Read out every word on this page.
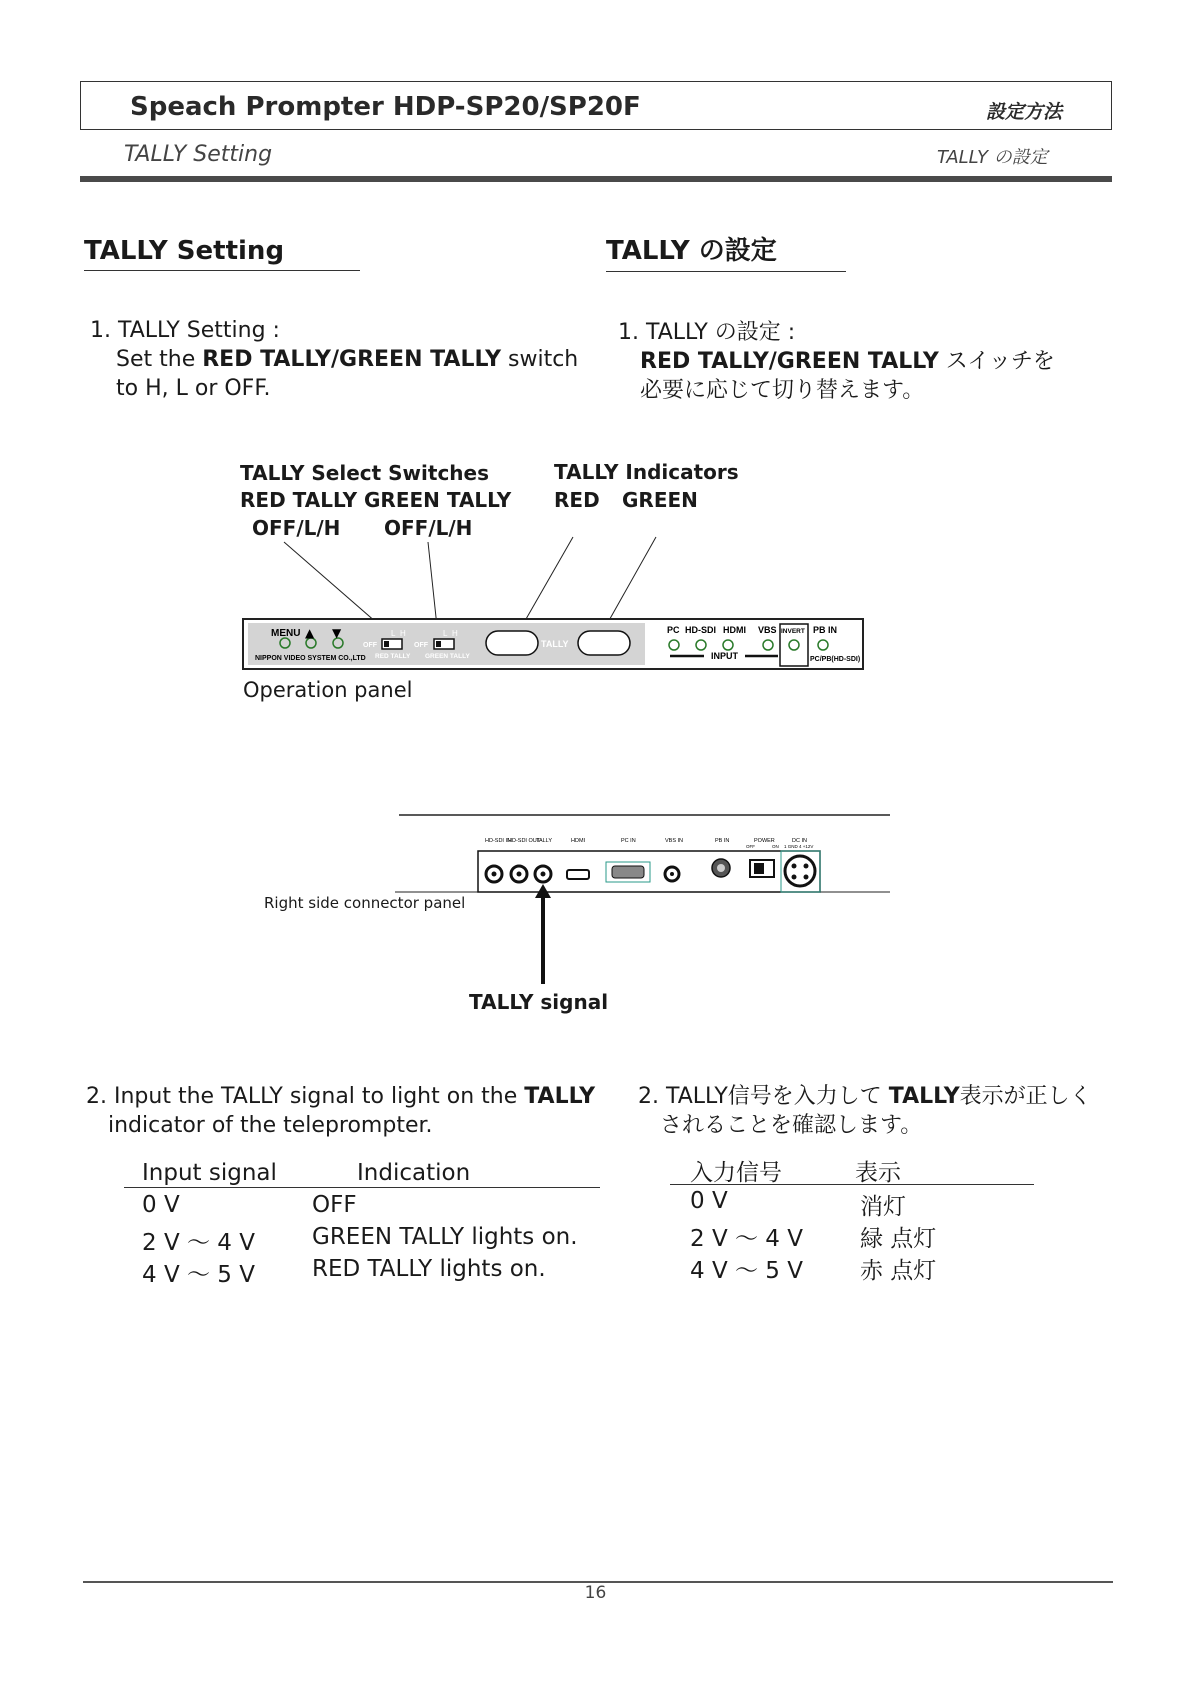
Speach Prompter HDP-SP20/SP20F	設定方法
TALLY Setting	TALLY の設定
TALLY Setting	TALLY の設定
1. TALLY Setting :
Set the RED TALLY/GREEN TALLY switch
to H, L or OFF.
1. TALLY の設定 :
RED TALLY/GREEN TALLY スイッチを
必要に応じて切り替えます。
TALLY Select Switches
RED TALLY GREEN TALLY
OFF/L/H OFF/L/H
TALLY Indicators
RED GREEN
MENU ▲ ▼
NIPPON VIDEO SYSTEM CO.,LTD
L H
OFF
RED TALLY
L H
OFF
GREEN TALLY
TALLY
PC HD-SDI HDMI VBS INVERT PB IN
INPUT	PC/PB(HD-SDI)
HD-SDI IN
HD-SDI OUT
TALLY	HDMI	PC IN	VBS IN	PB IN	POWER
OFF	ON
DC IN
1 GND 4 +12V
Operation panel
Right side connector panel
TALLY signal
2. Input the TALLY signal to light on the TALLY
indicator of the teleprompter.
2. TALLY信号を入力して TALLY表示が正しく
されることを確認します。
Input signal	Indication
0 V	OFF
2 V ～ 4 V GREEN TALLY lights on.
4 V ～ 5 V RED TALLY lights on.
入力信号	表示
0 V	消灯
2 V ～ 4 V 緑 点灯
4 V ～ 5 V 赤 点灯
16
